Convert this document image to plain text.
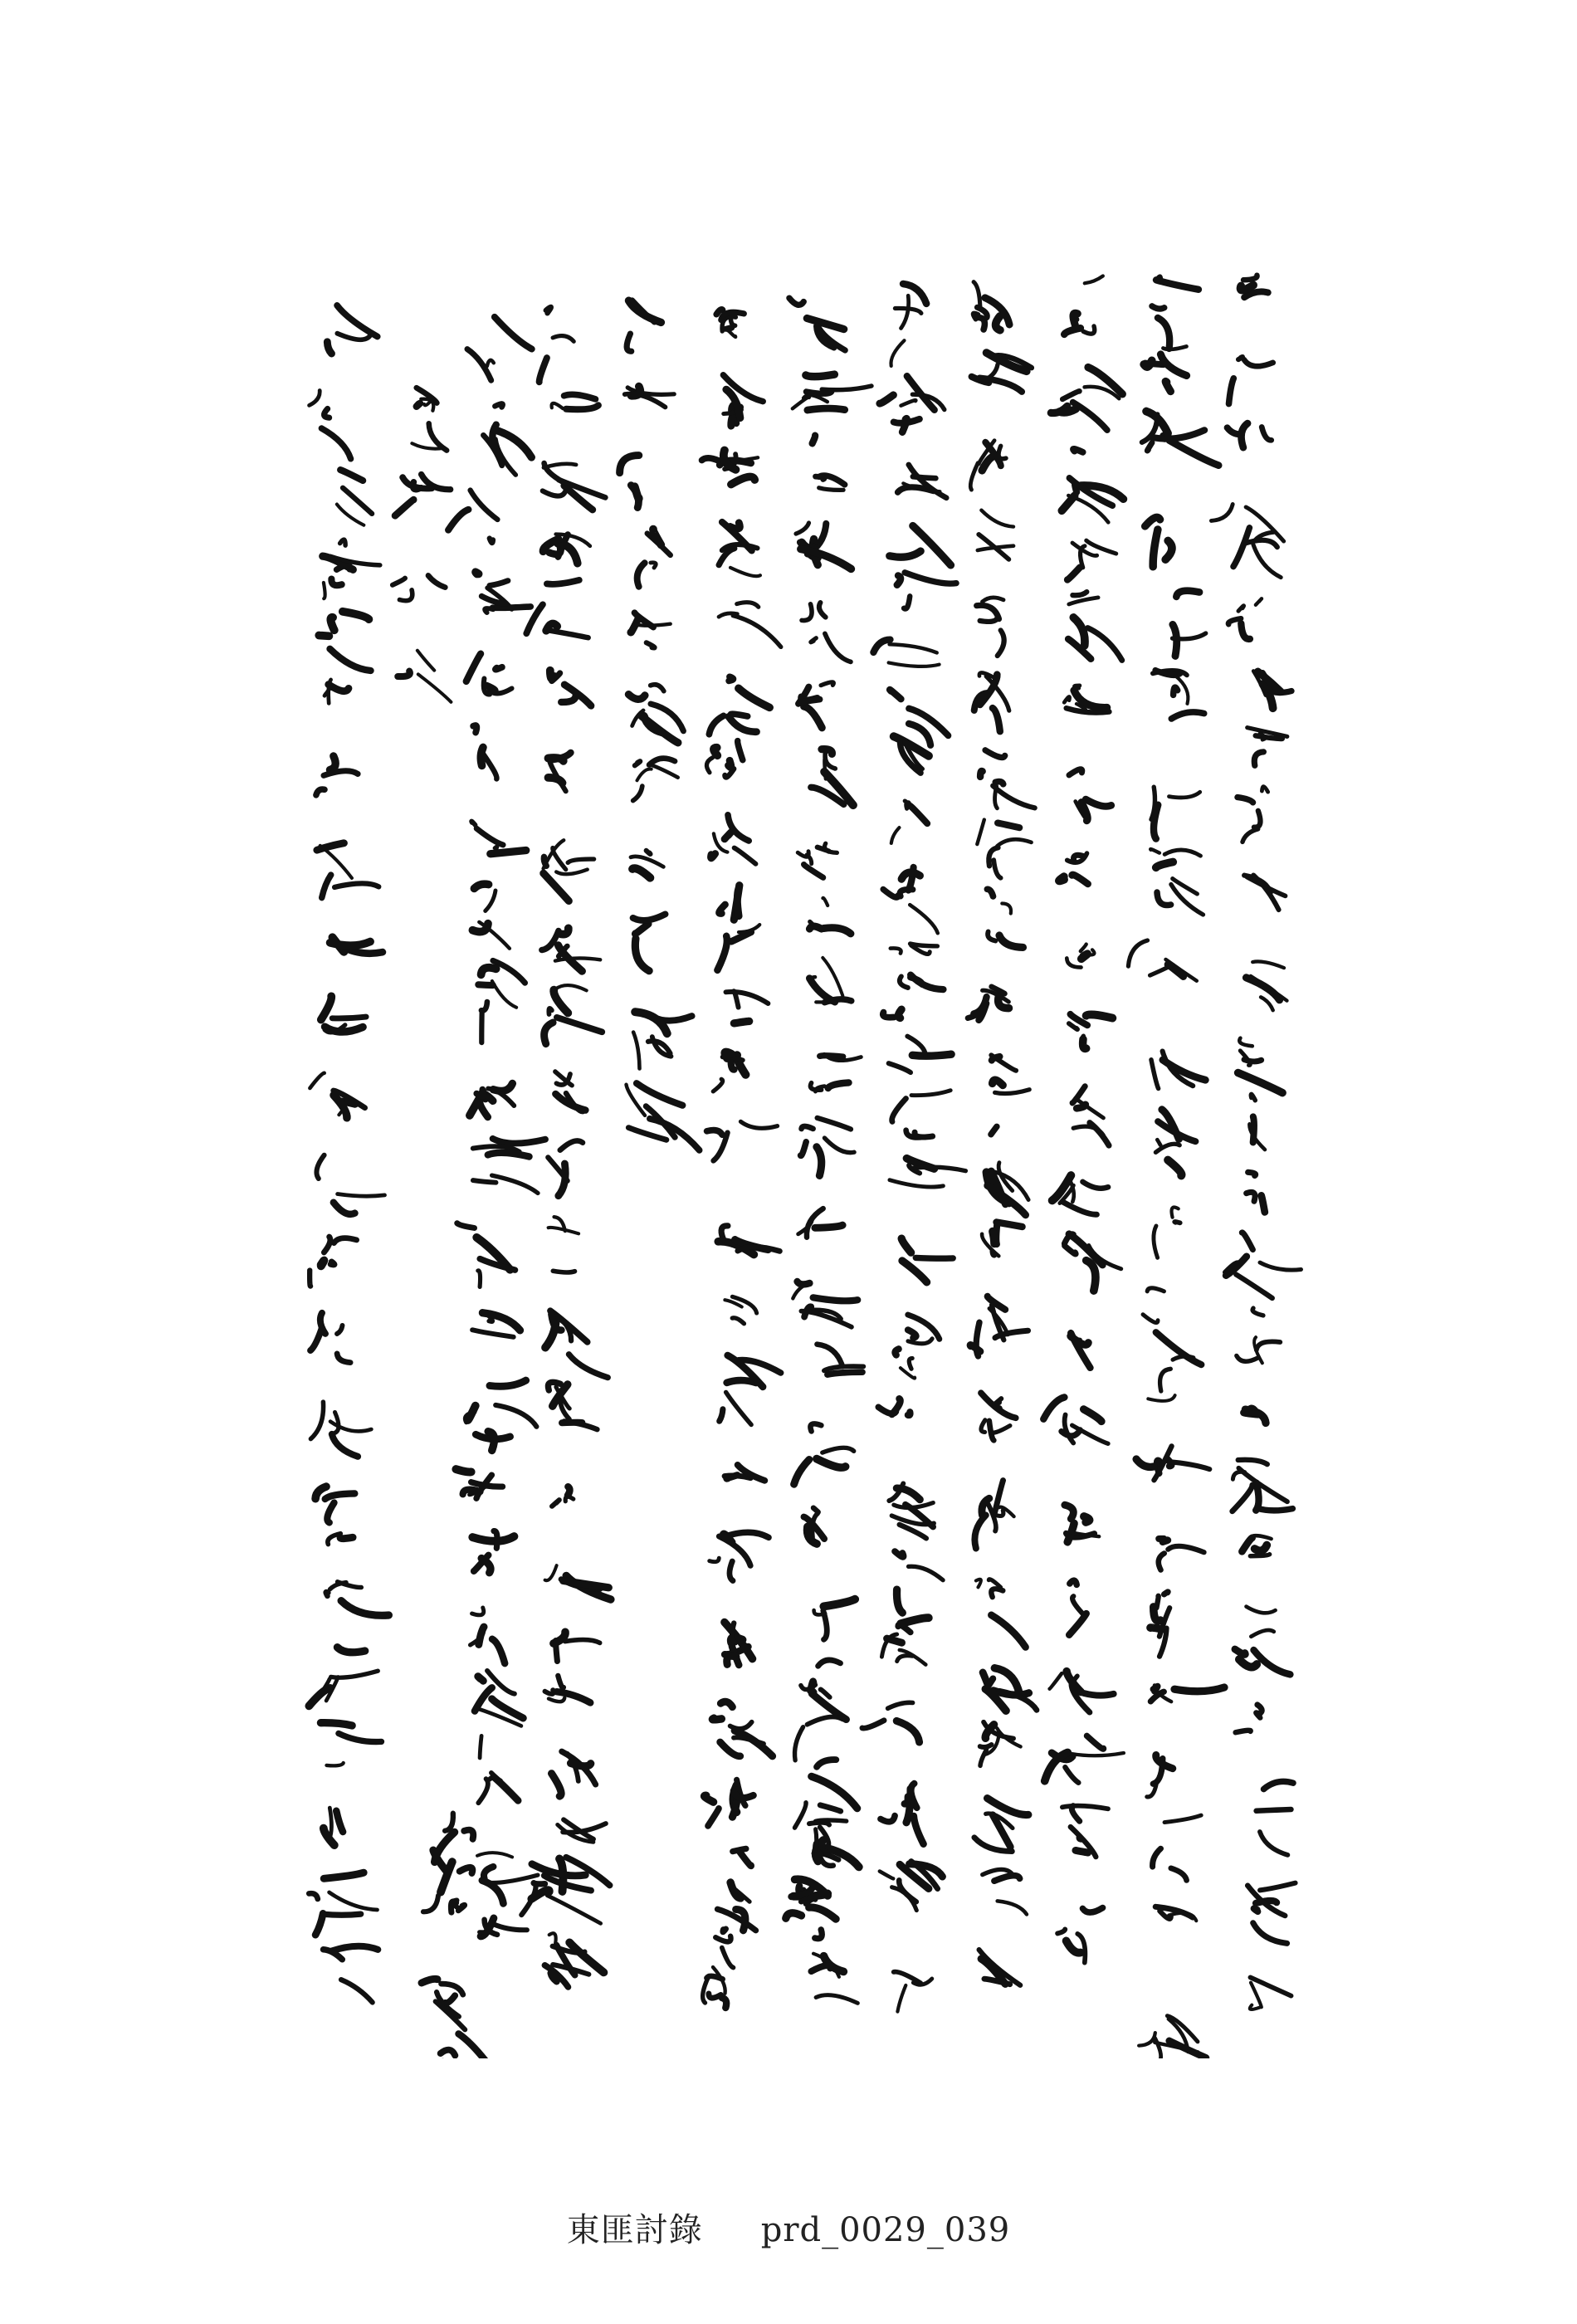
東匪討錄 prd_0029_039
